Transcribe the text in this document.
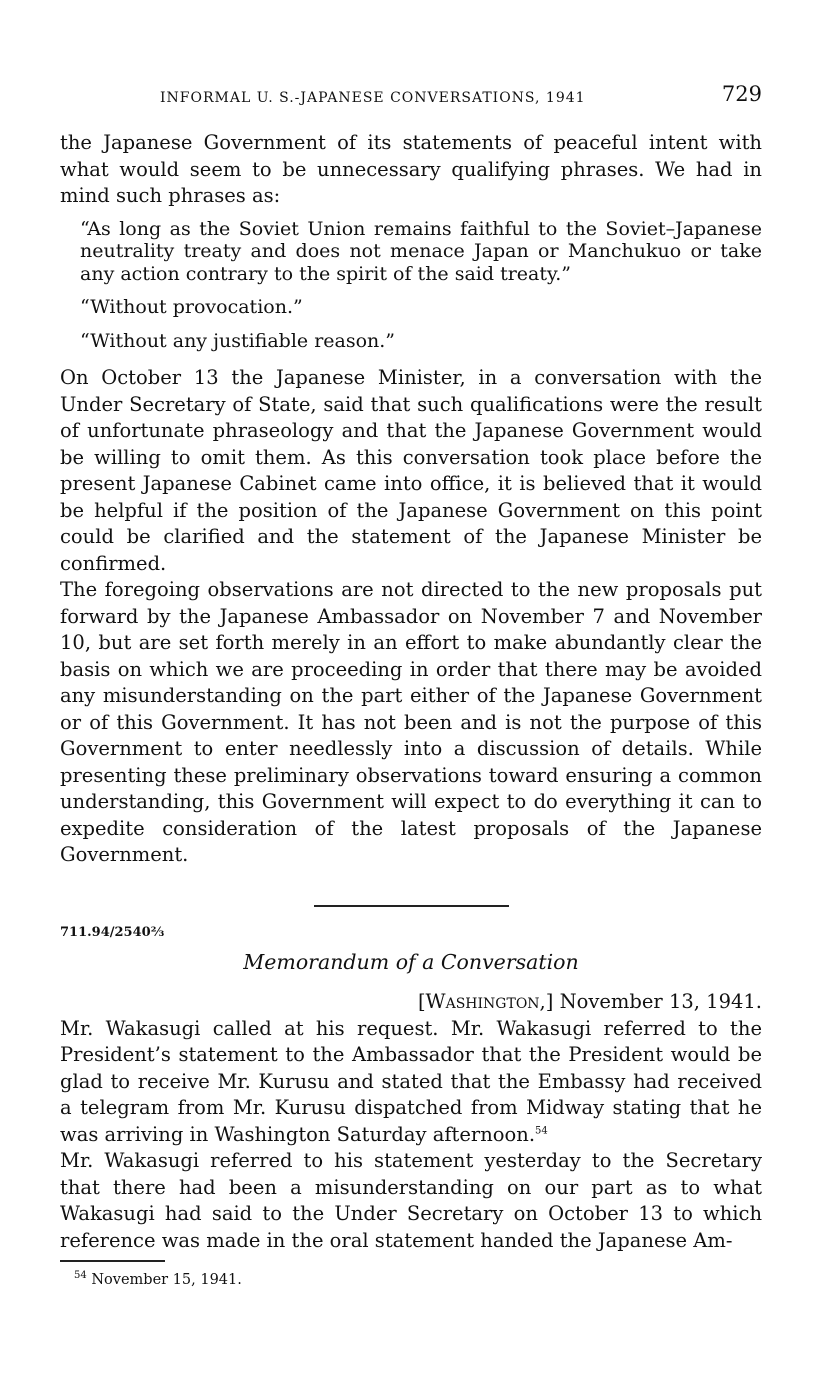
INFORMAL U. S.-JAPANESE CONVERSATIONS, 1941	729

the Japanese Government of its statements of peaceful intent with what would seem to be unnecessary qualifying phrases. We had in mind such phrases as:

“As long as the Soviet Union remains faithful to the Soviet–Japanese neutrality treaty and does not menace Japan or Manchukuo or take any action contrary to the spirit of the said treaty.”

“Without provocation.”

“Without any justifiable reason.”

On October 13 the Japanese Minister, in a conversation with the Under Secretary of State, said that such qualifications were the result of unfortunate phraseology and that the Japanese Government would be willing to omit them. As this conversation took place before the present Japanese Cabinet came into office, it is believed that it would be helpful if the position of the Japanese Government on this point could be clarified and the statement of the Japanese Minister be confirmed.

The foregoing observations are not directed to the new proposals put forward by the Japanese Ambassador on November 7 and November 10, but are set forth merely in an effort to make abundantly clear the basis on which we are proceeding in order that there may be avoided any misunderstanding on the part either of the Japanese Government or of this Government. It has not been and is not the purpose of this Government to enter needlessly into a discussion of details. While presenting these preliminary observations toward ensuring a common understanding, this Government will expect to do everything it can to expedite consideration of the latest proposals of the Japanese Government.

711.94/2540⅔
Memorandum of a Conversation
[Washington,] November 13, 1941.

Mr. Wakasugi called at his request. Mr. Wakasugi referred to the President’s statement to the Ambassador that the President would be glad to receive Mr. Kurusu and stated that the Embassy had received a telegram from Mr. Kurusu dispatched from Midway stating that he was arriving in Washington Saturday afternoon.$^{54}$

Mr. Wakasugi referred to his statement yesterday to the Secretary that there had been a misunderstanding on our part as to what Wakasugi had said to the Under Secretary on October 13 to which reference was made in the oral statement handed the Japanese Am-

$^{54}$ November 15, 1941.
